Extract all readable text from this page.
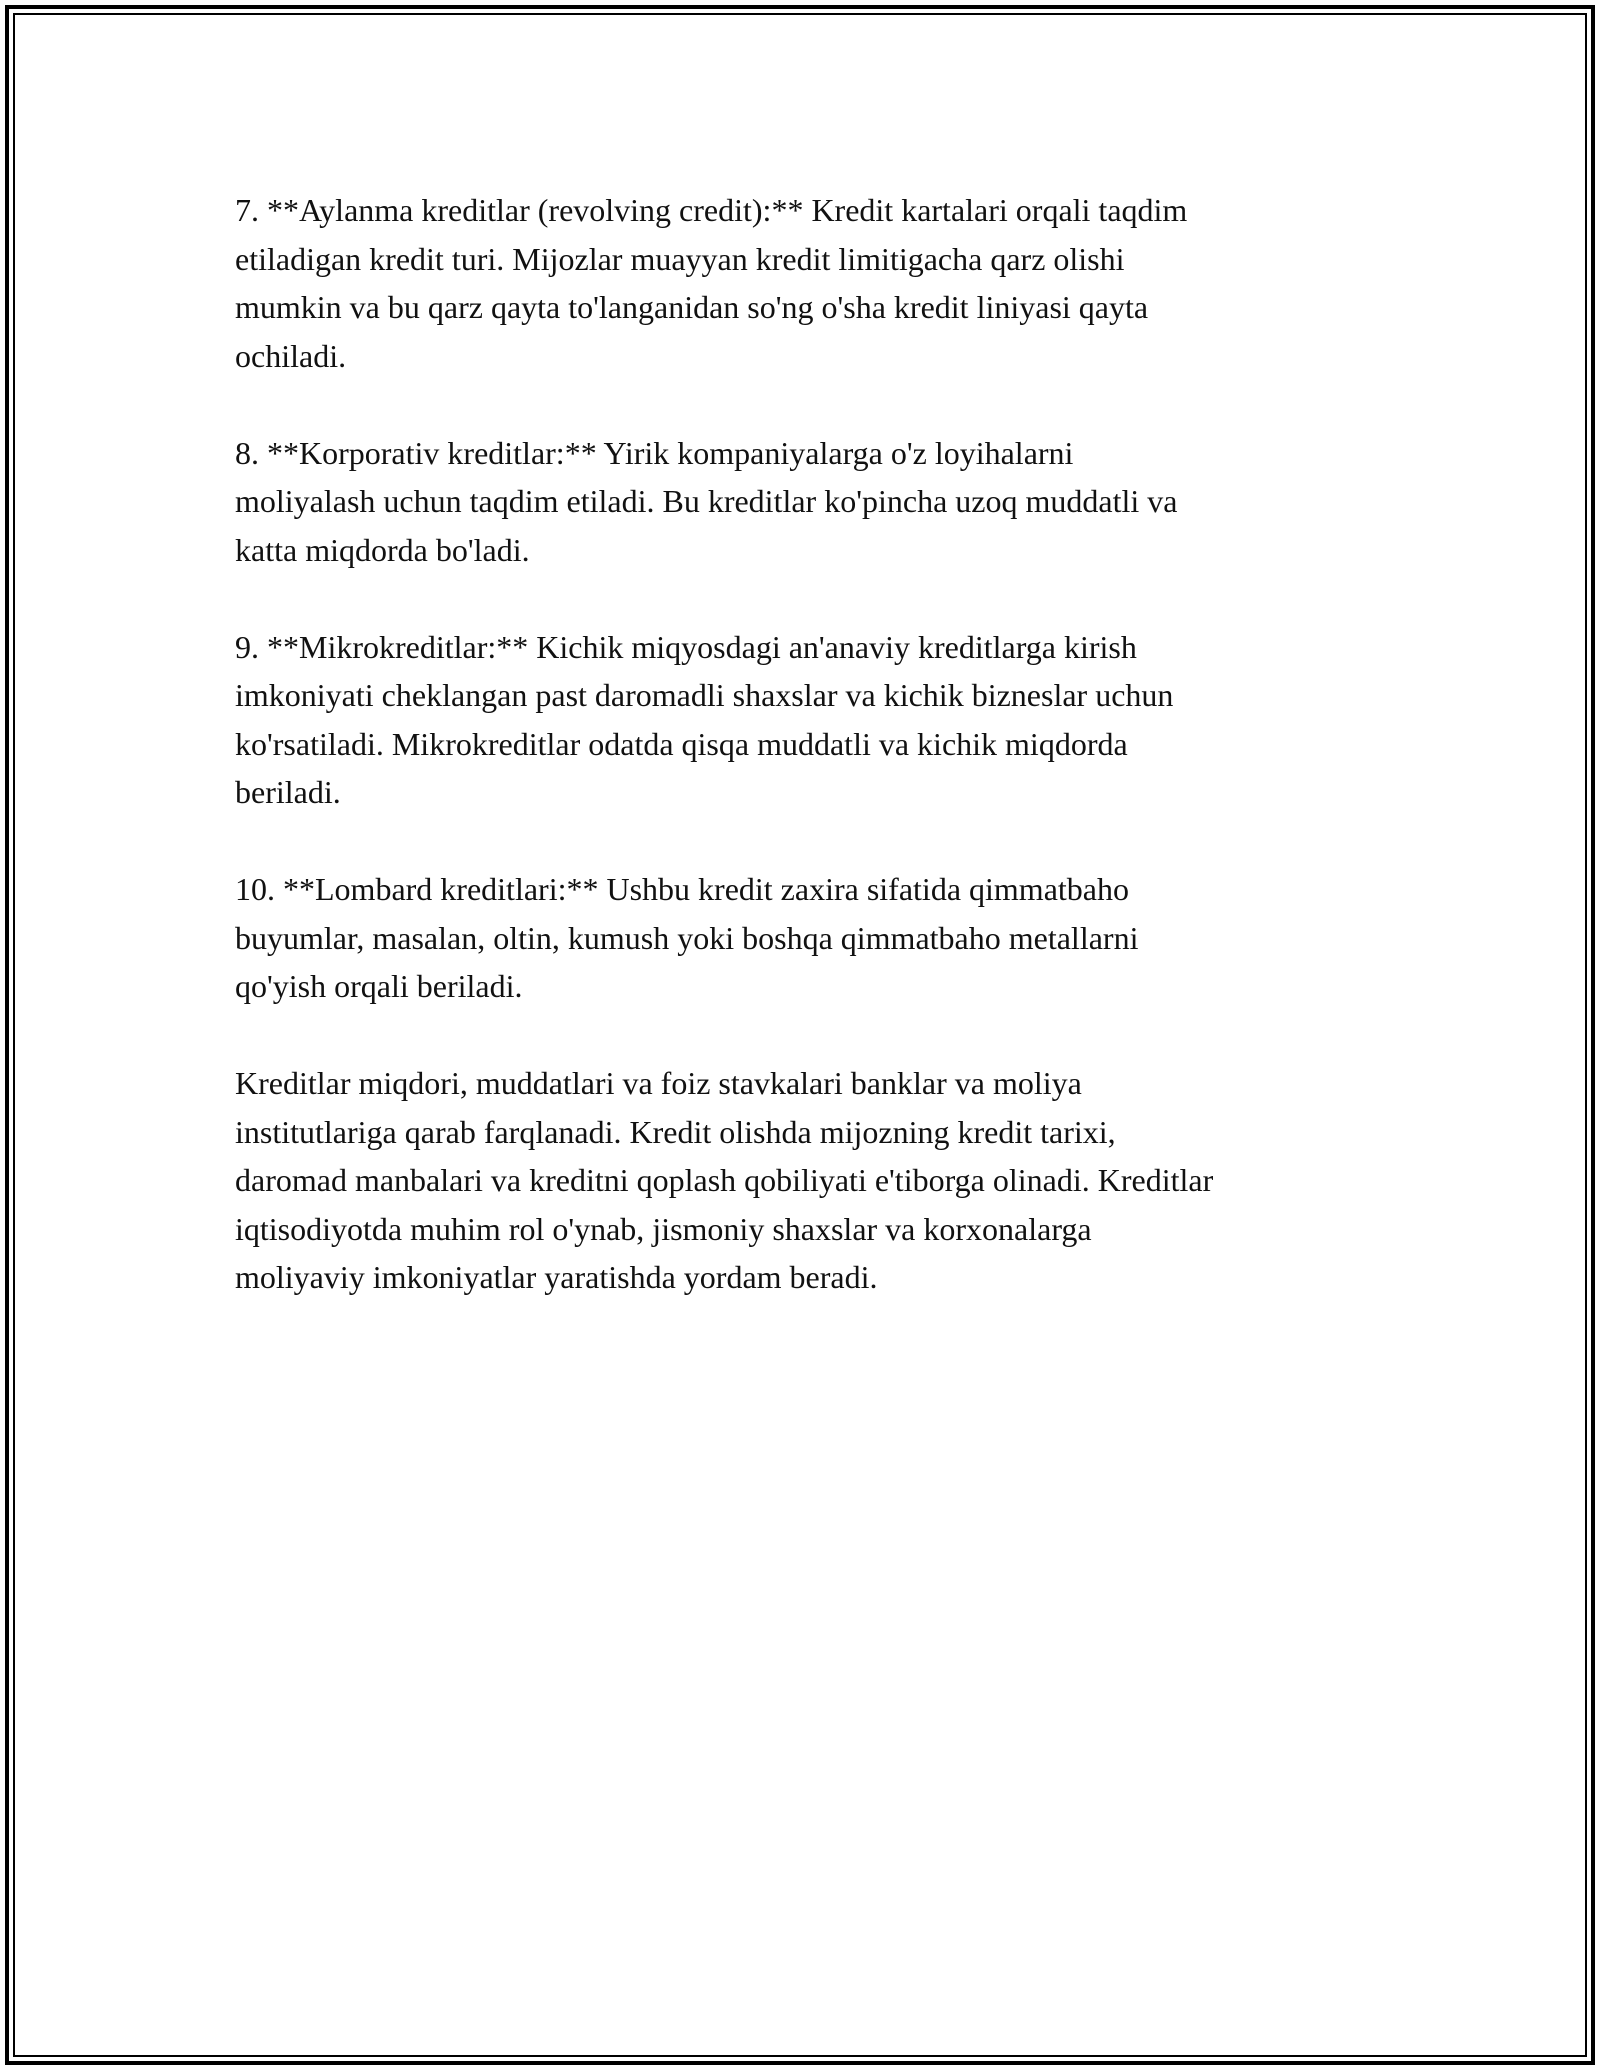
7. **Aylanma kreditlar (revolving credit):** Kredit kartalari orqali taqdim
etiladigan kredit turi. Mijozlar muayyan kredit limitigacha qarz olishi
mumkin va bu qarz qayta to'langanidan so'ng o'sha kredit liniyasi qayta
ochiladi.

8. **Korporativ kreditlar:** Yirik kompaniyalarga o'z loyihalarni
moliyalash uchun taqdim etiladi. Bu kreditlar ko'pincha uzoq muddatli va
katta miqdorda bo'ladi.

9. **Mikrokreditlar:** Kichik miqyosdagi an'anaviy kreditlarga kirish
imkoniyati cheklangan past daromadli shaxslar va kichik bizneslar uchun
ko'rsatiladi. Mikrokreditlar odatda qisqa muddatli va kichik miqdorda
beriladi.

10. **Lombard kreditlari:** Ushbu kredit zaxira sifatida qimmatbaho
buyumlar, masalan, oltin, kumush yoki boshqa qimmatbaho metallarni
qo'yish orqali beriladi.

Kreditlar miqdori, muddatlari va foiz stavkalari banklar va moliya
institutlariga qarab farqlanadi. Kredit olishda mijozning kredit tarixi,
daromad manbalari va kreditni qoplash qobiliyati e'tiborga olinadi. Kreditlar
iqtisodiyotda muhim rol o'ynab, jismoniy shaxslar va korxonalarga
moliyaviy imkoniyatlar yaratishda yordam beradi.
